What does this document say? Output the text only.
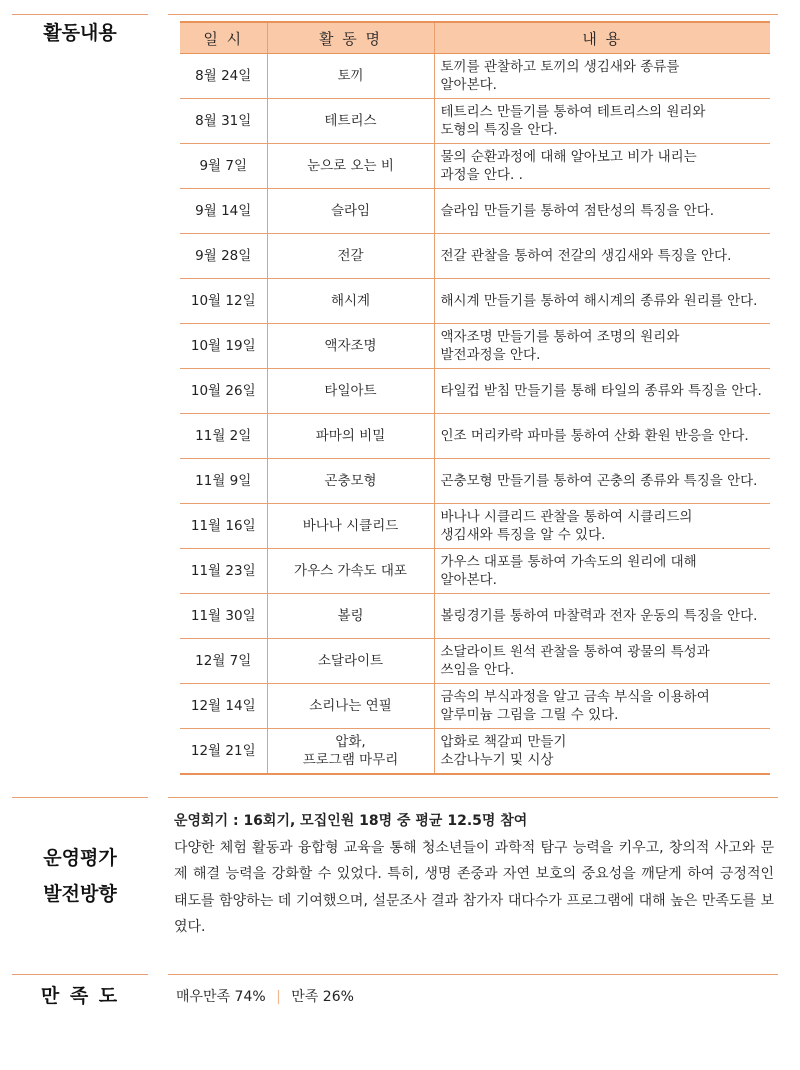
활동내용	일 시	활 동 명	내 용
8월 24일	토끼	토끼를 관찰하고 토끼의 생김새와 종류를
알아본다.
8월 31일	테트리스	테트리스 만들기를 통하여 테트리스의 원리와
도형의 특징을 안다.
9월 7일	눈으로 오는 비	물의 순환과정에 대해 알아보고 비가 내리는
과정을 안다. .
9월 14일	슬라임	슬라임 만들기를 통하여 점탄성의 특징을 안다.
9월 28일	전갈	전갈 관찰을 통하여 전갈의 생김새와 특징을 안다.
10월 12일	해시계	해시계 만들기를 통하여 해시계의 종류와 원리를 안다.
10월 19일	액자조명	액자조명 만들기를 통하여 조명의 원리와
발전과정을 안다.
10월 26일	타일아트	타일컵 받침 만들기를 통해 타일의 종류와 특징을 안다.
11월 2일	파마의 비밀	인조 머리카락 파마를 통하여 산화 환원 반응을 안다.
11월 9일	곤충모형	곤충모형 만들기를 통하여 곤충의 종류와 특징을 안다.
11월 16일	바나나 시클리드	바나나 시클리드 관찰을 통하여 시클리드의
생김새와 특징을 알 수 있다.
11월 23일	가우스 가속도 대포	가우스 대포를 통하여 가속도의 원리에 대해
알아본다.
11월 30일	볼링	볼링경기를 통하여 마찰력과 전자 운동의 특징을 안다.
12월 7일	소달라이트	소달라이트 원석 관찰을 통하여 광물의 특성과
쓰임을 안다.
12월 14일	소리나는 연필	금속의 부식과정을 알고 금속 부식을 이용하여
알루미늄 그림을 그릴 수 있다.
12월 21일	압화,
프로그램 마무리	압화로 책갈피 만들기
소감나누기 및 시상
운영평가
발전방향
운영회기 : 16회기, 모집인원 18명 중 평균 12.5명 참여
다양한 체험 활동과 융합형 교육을 통해 청소년들이 과학적 탐구 능력을 키우고, 창의적 사고와 문제 해결 능력을 강화할 수 있었다. 특히, 생명 존중과 자연 보호의 중요성을 깨닫게 하여 긍정적인 태도를 함양하는 데 기여했으며, 설문조사 결과 참가자 대다수가 프로그램에 대해 높은 만족도를 보였다.
만 족 도	매우만족 74% | 만족 26%
